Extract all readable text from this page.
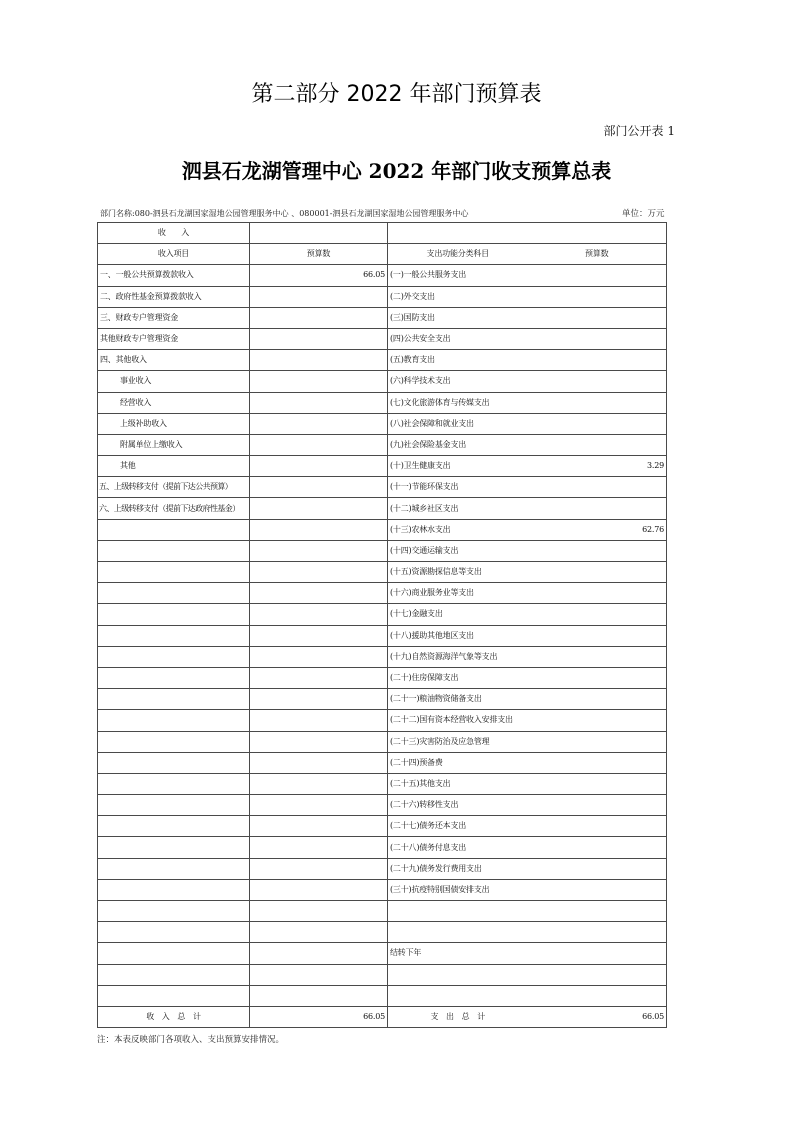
第二部分 2022 年部门预算表
部门公开表 1
泗县石龙湖管理中心 2022 年部门收支预算总表
部门名称:080-泗县石龙湖国家湿地公园管理服务中心 、080001-泗县石龙湖国家湿地公园管理服务中心	单位：万元
收　　入			
收入项目	预算数	支出功能分类科目	预算数
一、一般公共预算拨款收入	66.05	(一)一般公共服务支出	
二、政府性基金预算拨款收入		(二)外交支出	
三、财政专户管理资金		(三)国防支出	
其他财政专户管理资金		(四)公共安全支出	
四、其他收入		(五)教育支出	
事业收入		(六)科学技术支出	
经营收入		(七)文化旅游体育与传媒支出	
上级补助收入		(八)社会保障和就业支出	
附属单位上缴收入		(九)社会保险基金支出	
其他		(十)卫生健康支出	3.29
五、上级转移支付（提前下达公共预算）		(十一)节能环保支出	
六、上级转移支付（提前下达政府性基金）		(十二)城乡社区支出	
		(十三)农林水支出	62.76
		(十四)交通运输支出	
		(十五)资源勘探信息等支出	
		(十六)商业服务业等支出	
		(十七)金融支出	
		(十八)援助其他地区支出	
		(十九)自然资源海洋气象等支出	
		(二十)住房保障支出	
		(二十一)粮油物资储备支出	
		(二十二)国有资本经营收入安排支出	
		(二十三)灾害防治及应急管理	
		(二十四)预备费	
		(二十五)其他支出	
		(二十六)转移性支出	
		(二十七)债务还本支出	
		(二十八)债务付息支出	
		(二十九)债务发行费用支出	
		(三十)抗疫特别国债安排支出	

		结转下年	

收　入　总　计	66.05	支　出　总　计	66.05
注：本表反映部门各项收入、支出预算安排情况。
